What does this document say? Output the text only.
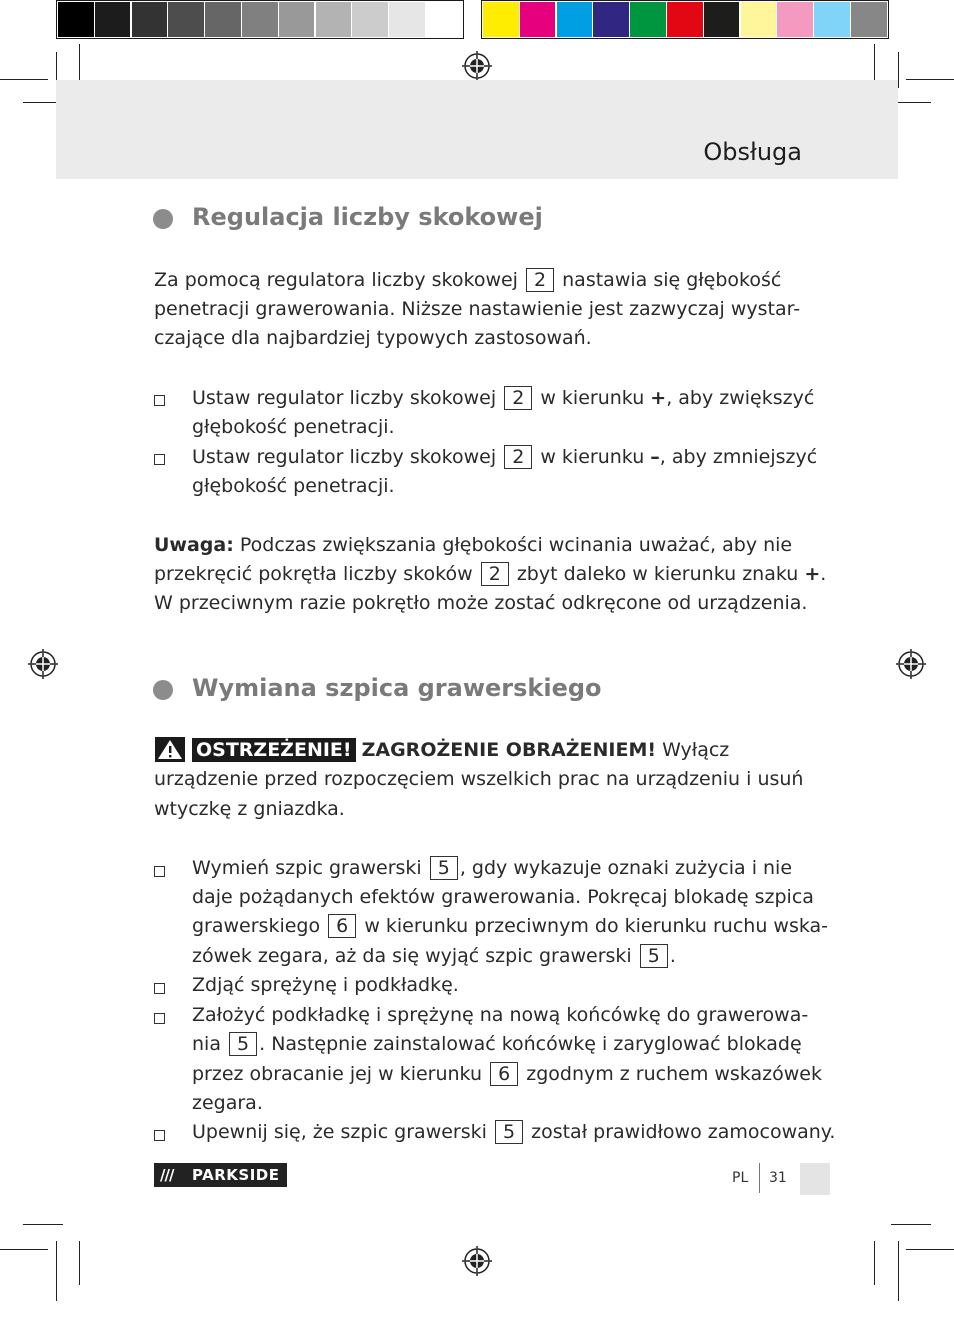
Obsługa
Regulacja liczby skokowej
Za pomocą regulatora liczby skokowej 2 nastawia się głębokość
penetracji grawerowania. Niższe nastawienie jest zazwyczaj wystar-
czające dla najbardziej typowych zastosowań.
Ustaw regulator liczby skokowej 2 w kierunku +, aby zwiększyć
głębokość penetracji.
Ustaw regulator liczby skokowej 2 w kierunku –, aby zmniejszyć
głębokość penetracji.
Uwaga: Podczas zwiększania głębokości wcinania uważać, aby nie
przekręcić pokrętła liczby skoków 2 zbyt daleko w kierunku znaku +.
W przeciwnym razie pokrętło może zostać odkręcone od urządzenia.
Wymiana szpica grawerskiego
OSTRZEŻENIE! ZAGROŻENIE OBRAŻENIEM! Wyłącz
urządzenie przed rozpoczęciem wszelkich prac na urządzeniu i usuń
wtyczkę z gniazdka.
Wymień szpic grawerski 5 , gdy wykazuje oznaki zużycia i nie
daje pożądanych efektów grawerowania. Pokręcaj blokadę szpica
grawerskiego 6 w kierunku przeciwnym do kierunku ruchu wska-
zówek zegara, aż da się wyjąć szpic grawerski 5 .
Zdjąć sprężynę i podkładkę.
Założyć podkładkę i sprężynę na nową końcówkę do grawerowa-
nia 5 . Następnie zainstalować końcówkę i zaryglować blokadę
przez obracanie jej w kierunku 6 zgodnym z ruchem wskazówek
zegara.
Upewnij się, że szpic grawerski 5 został prawidłowo zamocowany.
/// PARKSIDE	PL 31
